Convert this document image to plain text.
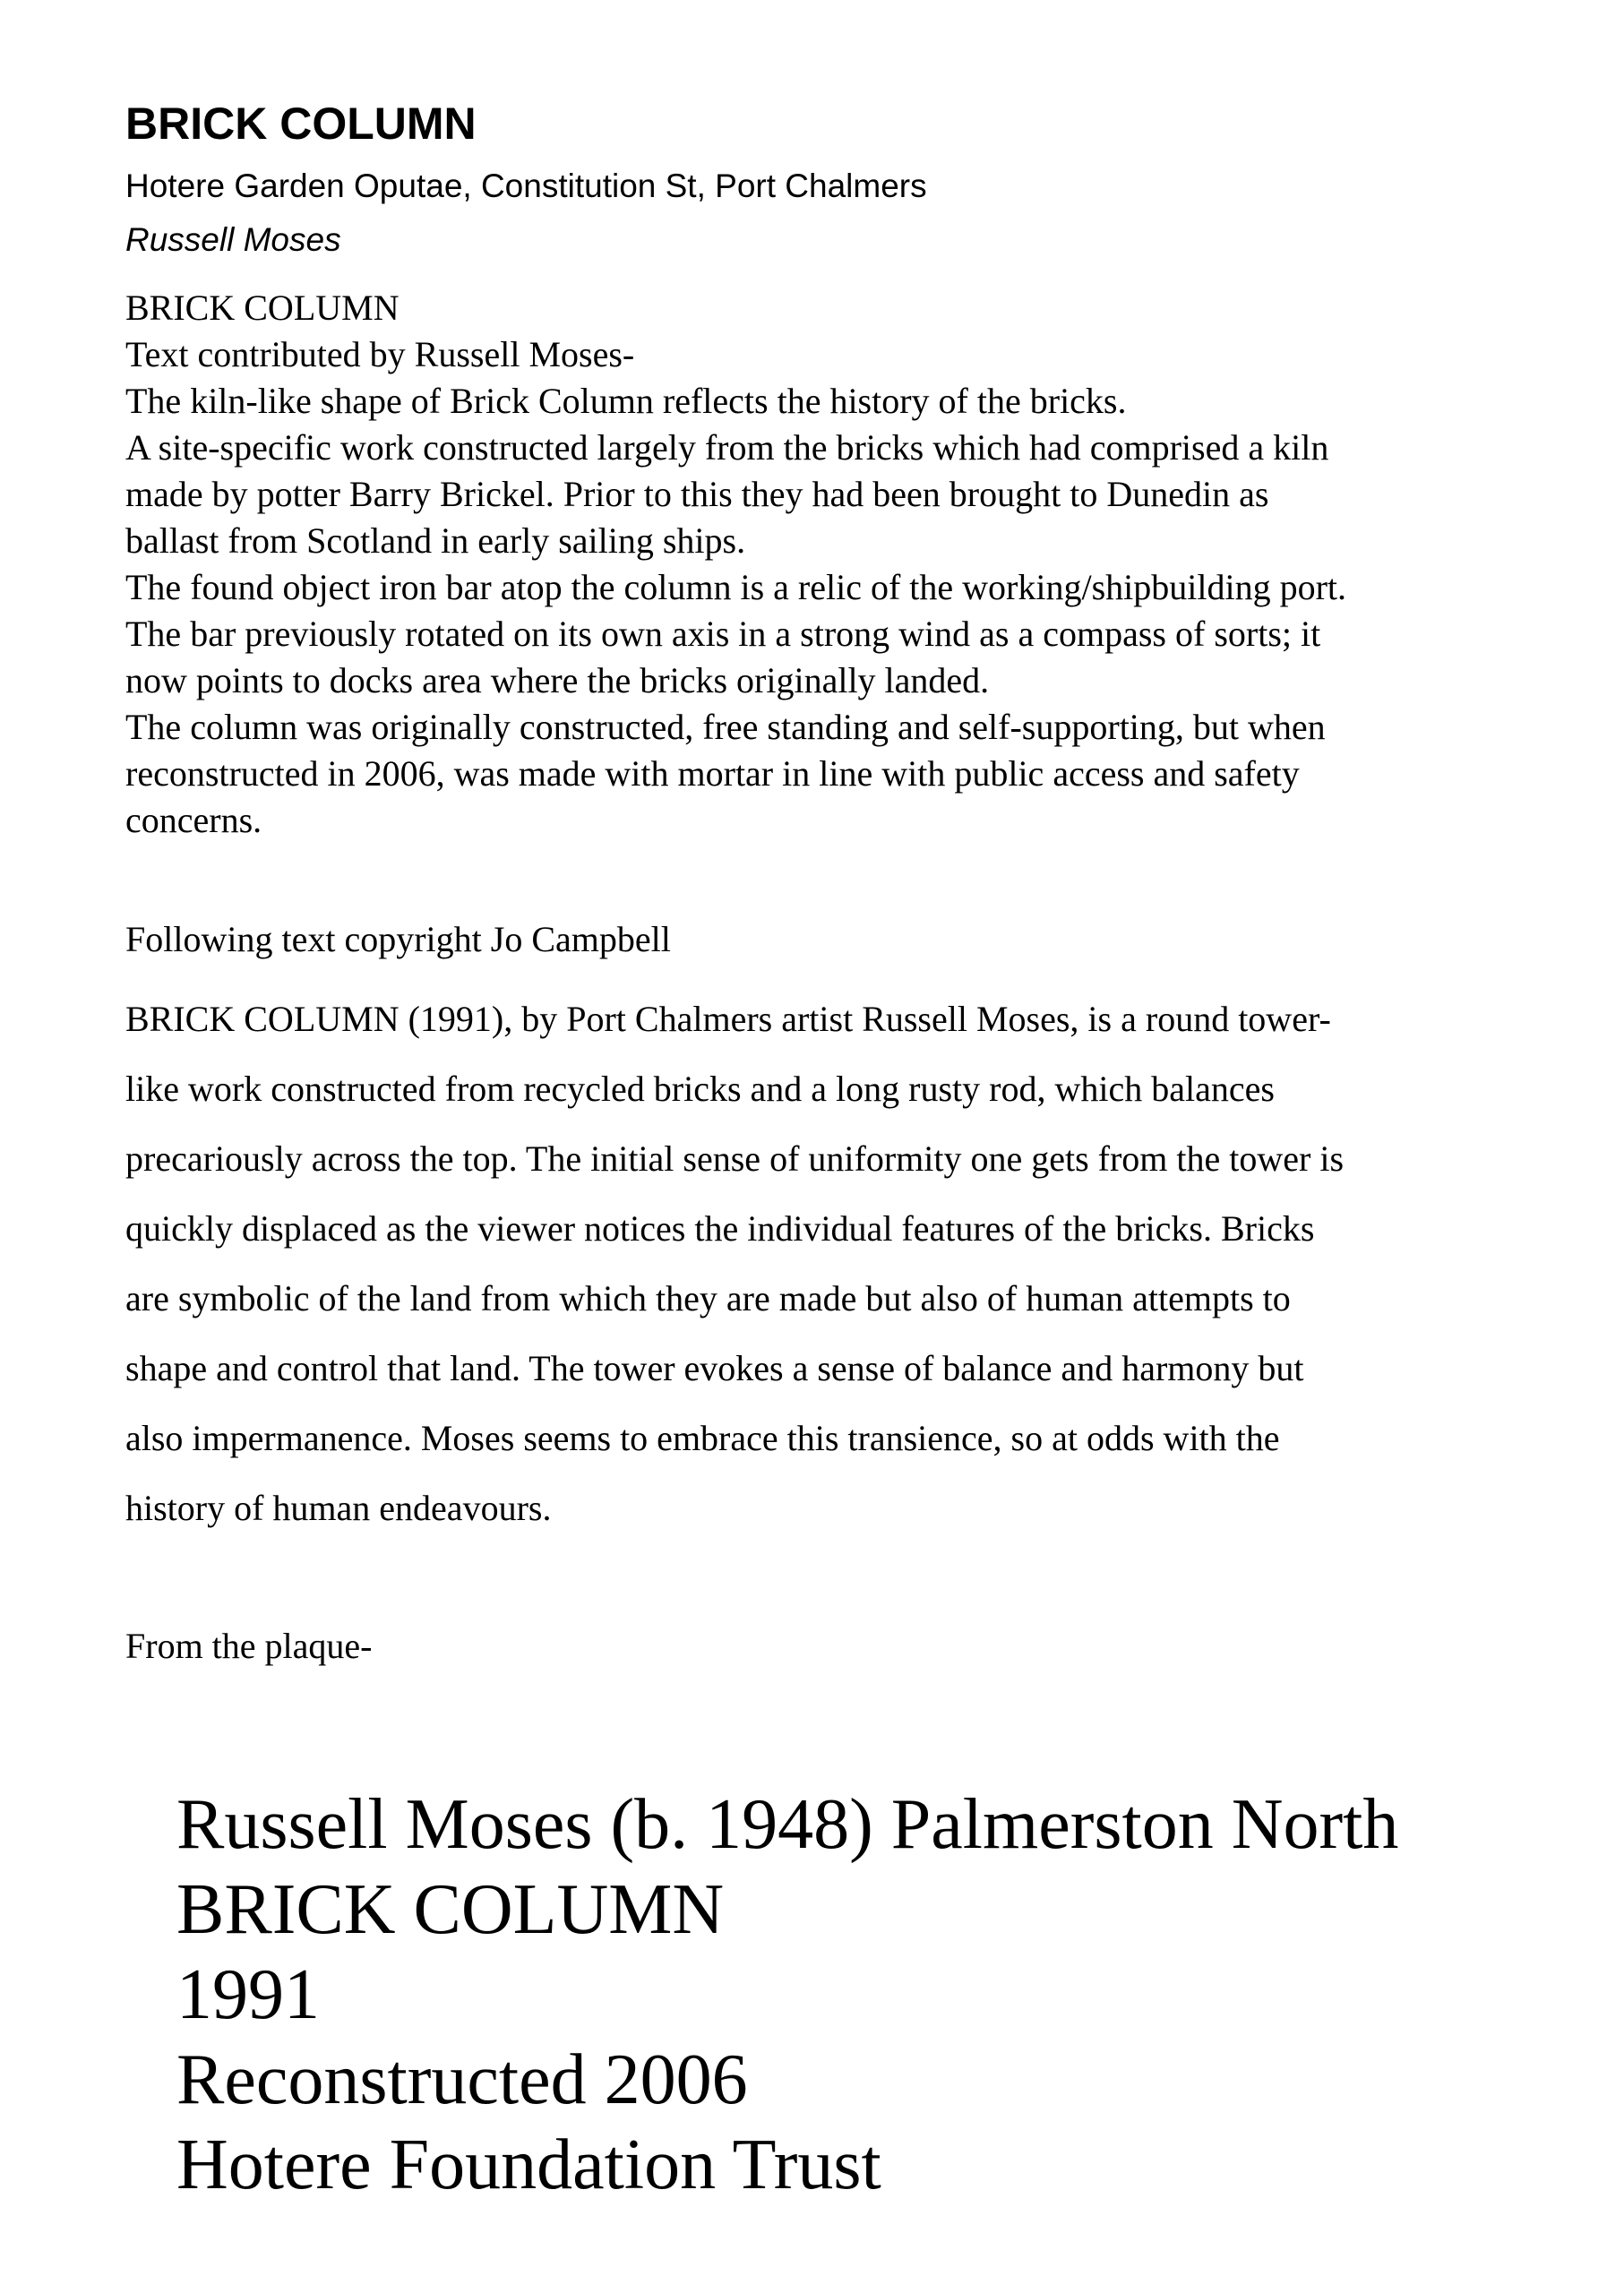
BRICK COLUMN

Hotere Garden Oputae, Constitution St, Port Chalmers

Russell Moses

BRICK COLUMN
Text contributed by Russell Moses-
The kiln-like shape of Brick Column reflects the history of the bricks.
A site-specific work constructed largely from the bricks which had comprised a kiln
made by potter Barry Brickel. Prior to this they had been brought to Dunedin as
ballast from Scotland in early sailing ships.
The found object iron bar atop the column is a relic of the working/shipbuilding port.
The bar previously rotated on its own axis in a strong wind as a compass of sorts; it
now points to docks area where the bricks originally landed.
The column was originally constructed, free standing and self-supporting, but when
reconstructed in 2006, was made with mortar in line with public access and safety
concerns.
Following text copyright Jo Campbell
BRICK COLUMN (1991), by Port Chalmers artist Russell Moses, is a round tower-
like work constructed from recycled bricks and a long rusty rod, which balances
precariously across the top. The initial sense of uniformity one gets from the tower is
quickly displaced as the viewer notices the individual features of the bricks. Bricks
are symbolic of the land from which they are made but also of human attempts to
shape and control that land. The tower evokes a sense of balance and harmony but
also impermanence. Moses seems to embrace this transience, so at odds with the
history of human endeavours.
From the plaque-
Russell Moses (b. 1948) Palmerston North
BRICK COLUMN
1991
Reconstructed 2006
Hotere Foundation Trust
